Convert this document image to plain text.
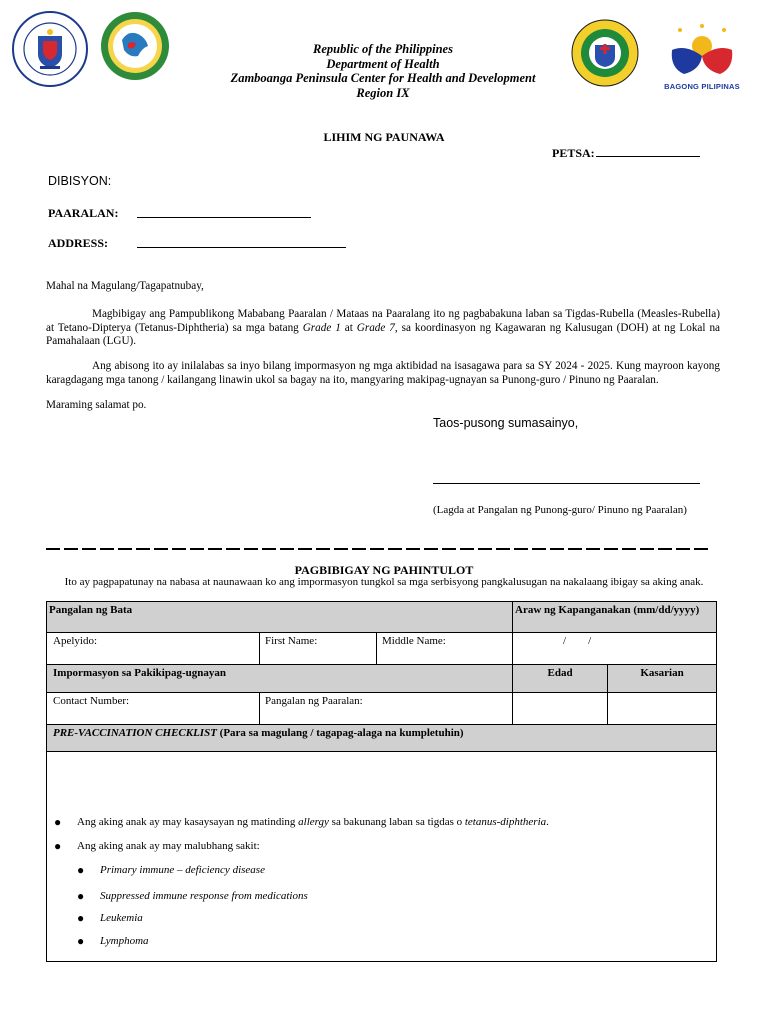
BAGONG PILIPINAS
Republic of the Philippines
Department of Health
Zamboanga Peninsula Center for Health and Development
Region IX
LIHIM NG PAUNAWA
PETSA:
DIBISYON:
PAARALAN:
ADDRESS:
Mahal na Magulang/Tagapatnubay,
Magbibigay ang Pampublikong Mababang Paaralan / Mataas na Paaralang ito ng pagbabakuna laban sa Tigdas-Rubella (Measles-Rubella) at Tetano-Dipterya (Tetanus-Diphtheria) sa mga batang Grade 1 at Grade 7, sa koordinasyon ng Kagawaran ng Kalusugan (DOH) at ng Lokal na Pamahalaan (LGU).
Ang abisong ito ay inilalabas sa inyo bilang impormasyon ng mga aktibidad na isasagawa para sa SY 2024 - 2025. Kung mayroon kayong karagdagang mga tanong / kailangang linawin ukol sa bagay na ito, mangyaring makipag-ugnayan sa Punong-guro / Pinuno ng Paaralan.
Maraming salamat po.
Taos-pusong sumasainyo,
(Lagda at Pangalan ng Punong-guro/ Pinuno ng Paaralan)
PAGBIBIGAY NG PAHINTULOT
Ito ay pagpapatunay na nabasa at naunawaan ko ang impormasyon tungkol sa mga serbisyong pangkalusugan na nakalaang ibigay sa aking anak.
Pangalan ng Bata			Araw ng Kapanganakan (mm/dd/yyyy)	
Apelyido:	First Name:	Middle Name:	/        /	
Impormasyon sa Pakikipag-ugnayan			Edad	Kasarian
Contact Number:	Pangalan ng Paaralan:			
PRE-VACCINATION CHECKLIST (Para sa magulang / tagapag-alaga na kumpletuhin)				

● Ang aking anak ay may kasaysayan ng matinding allergy sa bakunang laban sa tigdas o tetanus-diphtheria.
● Ang aking anak ay may malubhang sakit:
● Primary immune – deficiency disease
● Suppressed immune response from medications
● Leukemia
● Lymphoma
